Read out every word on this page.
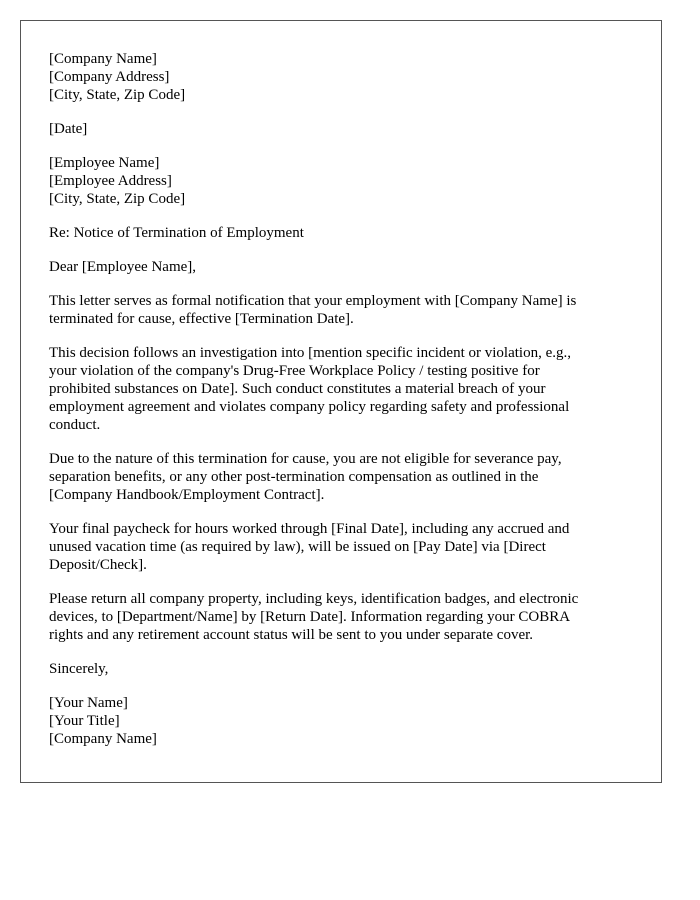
[Company Name]
[Company Address]
[City, State, Zip Code]
[Date]
[Employee Name]
[Employee Address]
[City, State, Zip Code]
Re: Notice of Termination of Employment
Dear [Employee Name],

This letter serves as formal notification that your employment with [Company Name] is
terminated for cause, effective [Termination Date].

This decision follows an investigation into [mention specific incident or violation, e.g.,
your violation of the company's Drug-Free Workplace Policy / testing positive for
prohibited substances on Date]. Such conduct constitutes a material breach of your
employment agreement and violates company policy regarding safety and professional
conduct.

Due to the nature of this termination for cause, you are not eligible for severance pay,
separation benefits, or any other post-termination compensation as outlined in the
[Company Handbook/Employment Contract].

Your final paycheck for hours worked through [Final Date], including any accrued and
unused vacation time (as required by law), will be issued on [Pay Date] via [Direct
Deposit/Check].

Please return all company property, including keys, identification badges, and electronic
devices, to [Department/Name] by [Return Date]. Information regarding your COBRA
rights and any retirement account status will be sent to you under separate cover.

Sincerely,
[Your Name]
[Your Title]
[Company Name]
